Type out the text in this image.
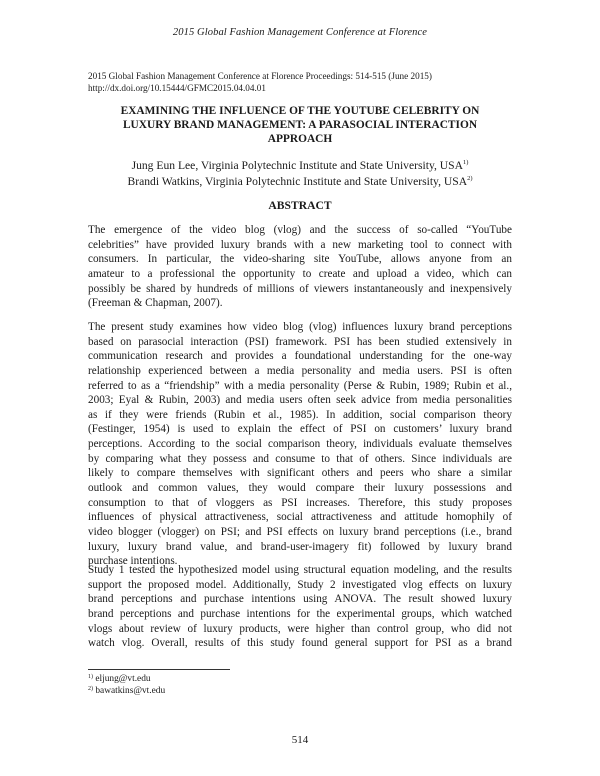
2015 Global Fashion Management Conference at Florence
2015 Global Fashion Management Conference at Florence Proceedings: 514-515 (June 2015)
http://dx.doi.org/10.15444/GFMC2015.04.04.01
EXAMINING THE INFLUENCE OF THE YOUTUBE CELEBRITY ON
LUXURY BRAND MANAGEMENT: A PARASOCIAL INTERACTION
APPROACH
Jung Eun Lee, Virginia Polytechnic Institute and State University, USA$^{1)}$
Brandi Watkins, Virginia Polytechnic Institute and State University, USA$^{2)}$
ABSTRACT
The emergence of the video blog (vlog) and the success of so-called “YouTube
celebrities” have provided luxury brands with a new marketing tool to connect with
consumers. In particular, the video-sharing site YouTube, allows anyone from an
amateur to a professional the opportunity to create and upload a video, which can
possibly be shared by hundreds of millions of viewers instantaneously and inexpensively
(Freeman & Chapman, 2007).
The present study examines how video blog (vlog) influences luxury brand perceptions
based on parasocial interaction (PSI) framework. PSI has been studied extensively in
communication research and provides a foundational understanding for the one-way
relationship experienced between a media personality and media users. PSI is often
referred to as a “friendship” with a media personality (Perse & Rubin, 1989; Rubin et al.,
2003; Eyal & Rubin, 2003) and media users often seek advice from media personalities
as if they were friends (Rubin et al., 1985). In addition, social comparison theory
(Festinger, 1954) is used to explain the effect of PSI on customers’ luxury brand
perceptions. According to the social comparison theory, individuals evaluate themselves
by comparing what they possess and consume to that of others. Since individuals are
likely to compare themselves with significant others and peers who share a similar
outlook and common values, they would compare their luxury possessions and
consumption to that of vloggers as PSI increases. Therefore, this study proposes
influences of physical attractiveness, social attractiveness and attitude homophily of
video blogger (vlogger) on PSI; and PSI effects on luxury brand perceptions (i.e., brand
luxury, luxury brand value, and brand-user-imagery fit) followed by luxury brand
purchase intentions.
Study 1 tested the hypothesized model using structural equation modeling, and the results
support the proposed model. Additionally, Study 2 investigated vlog effects on luxury
brand perceptions and purchase intentions using ANOVA. The result showed luxury
brand perceptions and purchase intentions for the experimental groups, which watched
vlogs about review of luxury products, were higher than control group, who did not
watch vlog. Overall, results of this study found general support for PSI as a brand
$^{1)}$ eljung@vt.edu
$^{2)}$ bawatkins@vt.edu
514
